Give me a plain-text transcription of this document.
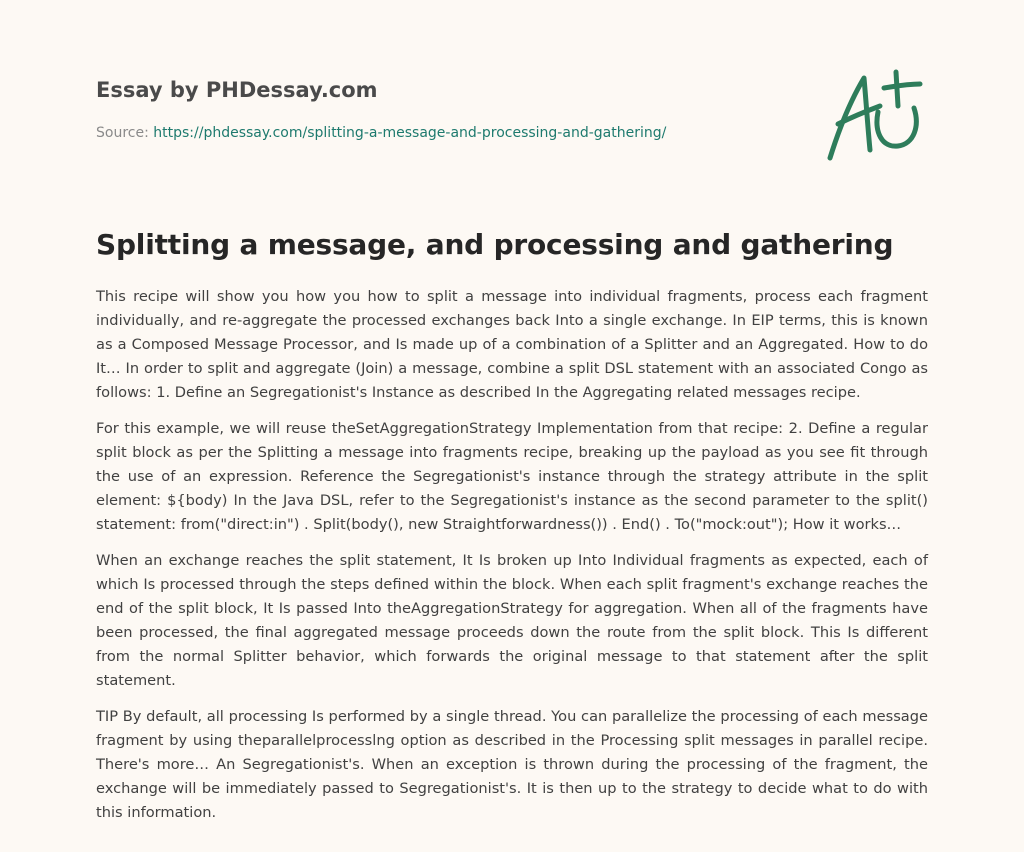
Essay by PHDessay.com
Source: https://phdessay.com/splitting-a-message-and-processing-and-gathering/
Splitting a message, and processing and gathering

This recipe will show you how you how to split a message into individual fragments, process each fragment individually, and re-aggregate the processed exchanges back Into a single exchange. In EIP terms, this is known as a Composed Message Processor, and Is made up of a combination of a Splitter and an Aggregated. How to do It… In order to split and aggregate (Join) a message, combine a split DSL statement with an associated Congo as follows: 1. Define an Segregationist's Instance as described In the Aggregating related messages recipe.

For this example, we will reuse theSetAggregationStrategy Implementation from that recipe: 2. Define a regular split block as per the Splitting a message into fragments recipe, breaking up the payload as you see fit through the use of an expression. Reference the Segregationist's instance through the strategy attribute in the split element: ${body) In the Java DSL, refer to the Segregationist's instance as the second parameter to the split() statement: from("direct:in") . Split(body(), new Straightforwardness()) . End() . To("mock:out"); How it works…

When an exchange reaches the split statement, It Is broken up Into Individual fragments as expected, each of which Is processed through the steps defined within the block. When each split fragment's exchange reaches the end of the split block, It Is passed Into theAggregationStrategy for aggregation. When all of the fragments have been processed, the final aggregated message proceeds down the route from the split block. This Is different from the normal Splitter behavior, which forwards the original message to that statement after the split statement.

TIP By default, all processing Is performed by a single thread. You can parallelize the processing of each message fragment by using theparallelprocesslng option as described in the Processing split messages in parallel recipe. There's more… An Segregationist's. When an exception is thrown during the processing of the fragment, the exchange will be immediately passed to Segregationist's. It is then up to the strategy to decide what to do with this information.
